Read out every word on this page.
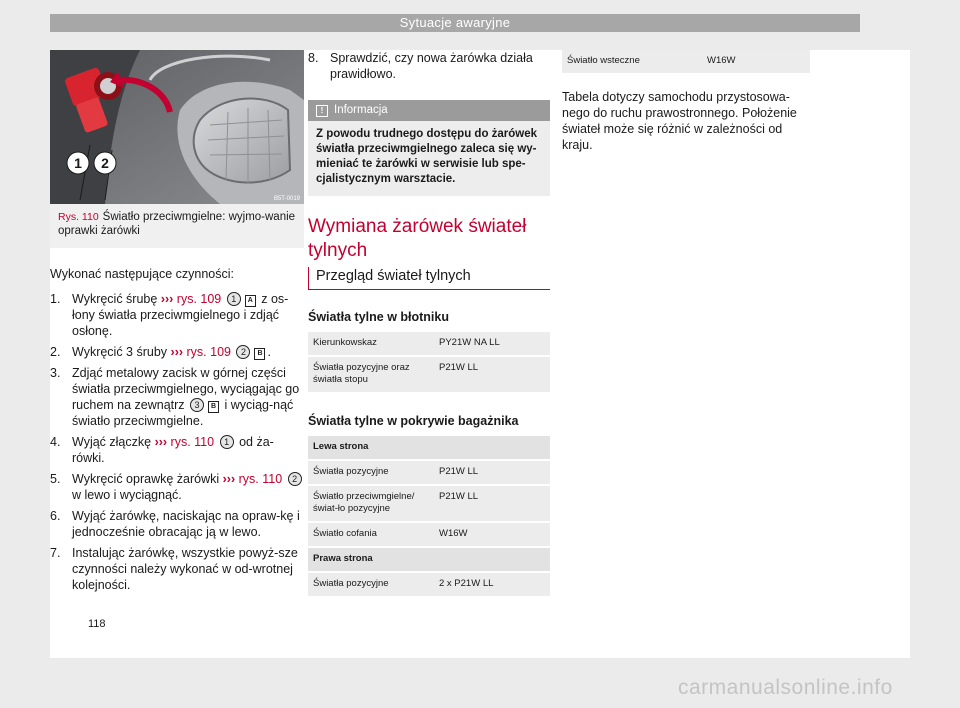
Sytuacje awaryjne
1 2
B5T-0019
Rys. 110 Światło przeciwmgielne: wyjmo-wanie oprawki żarówki

Wykonać następujące czynności:

1. Wykręcić śrubę ››› rys. 109 1 A z os-łony światła przeciwmgielnego i zdjąć osłonę.
2. Wykręcić 3 śruby ››› rys. 109 2 B .
3. Zdjąć metalowy zacisk w górnej części światła przeciwmgielnego, wyciągając go ruchem na zewnątrz 3 B i wyciąg-nąć światło przeciwmgielne.
4. Wyjąć złączkę ››› rys. 110 1 od ża-rówki.
5. Wykręcić oprawkę żarówki ››› rys. 110 2 w lewo i wyciągnąć.
6. Wyjąć żarówkę, naciskając na opraw-kę i jednocześnie obracając ją w lewo.
7. Instalując żarówkę, wszystkie powyż-sze czynności należy wykonać w od-wrotnej kolejności.
8. Sprawdzić, czy nowa żarówka działa prawidłowo.
! Informacja
Z powodu trudnego dostępu do żarówek światła przeciwmgielnego zaleca się wy-mieniać te żarówki w serwisie lub spe-cjalistycznym warsztacie.
Wymiana żarówek świateł tylnych
Przegląd świateł tylnych
Światła tylne w błotniku
Kierunkowskaz	PY21W NA LL
Światła pozycyjne oraz światła stopu	P21W LL
Światła tylne w pokrywie bagażnika
Lewa strona	
Światła pozycyjne	P21W LL
Światło przeciwmgielne/świat-ło pozycyjne	P21W LL
Światło cofania	W16W
Prawa strona	
Światła pozycyjne	2 x P21W LL
Światło wsteczne	W16W

Tabela dotyczy samochodu przystosowa-nego do ruchu prawostronnego. Położenie świateł może się różnić w zależności od kraju.

118
carmanualsonline.info
